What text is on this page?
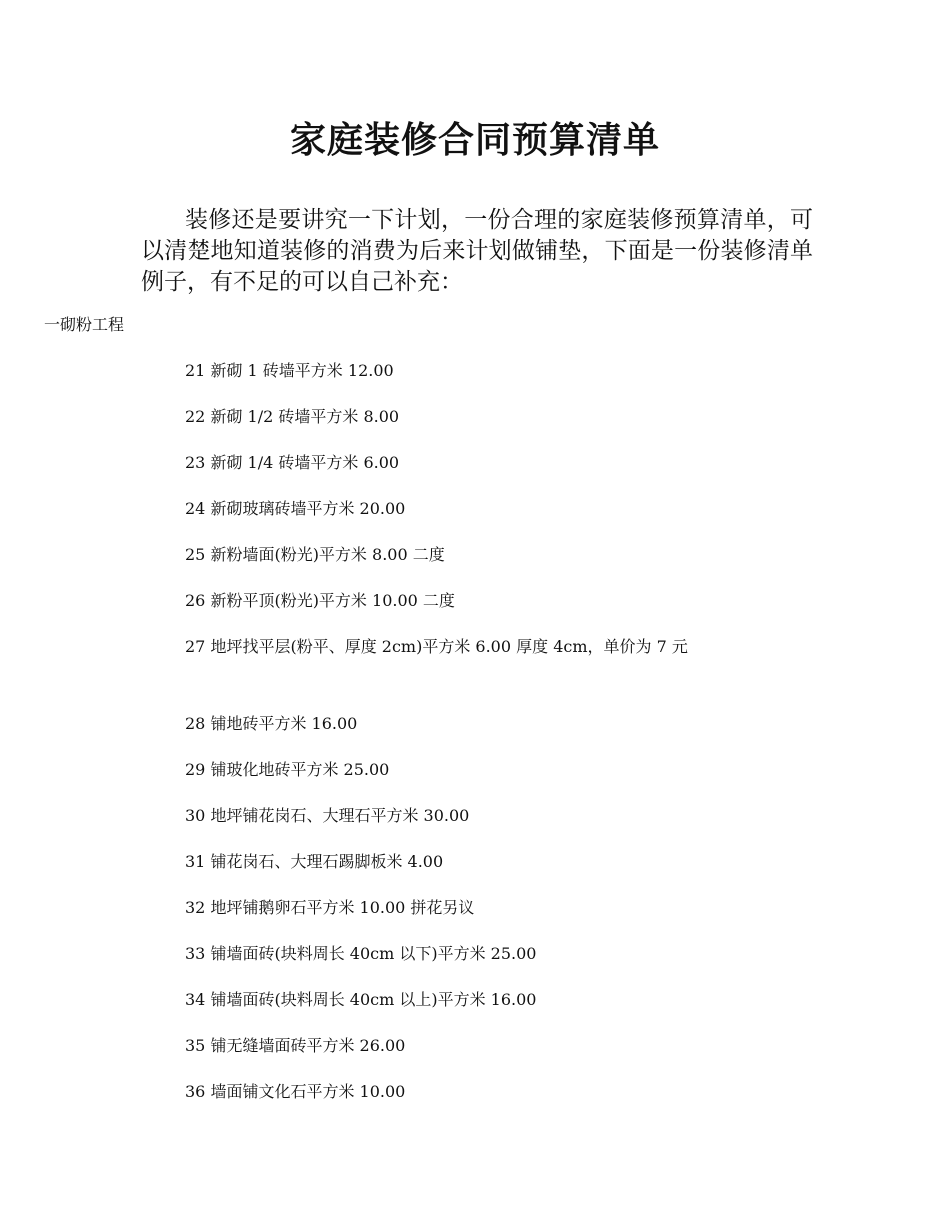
家庭装修合同预算清单

装修还是要讲究一下计划，一份合理的家庭装修预算清单，可以清楚地知道装修的消费为后来计划做铺垫，下面是一份装修清单例子，有不足的可以自己补充：

一砌粉工程

21 新砌 1 砖墙平方米 12.00

22 新砌 1/2 砖墙平方米 8.00

23 新砌 1/4 砖墙平方米 6.00

24 新砌玻璃砖墙平方米 20.00

25 新粉墙面(粉光)平方米 8.00 二度

26 新粉平顶(粉光)平方米 10.00 二度

27 地坪找平层(粉平、厚度 2cm)平方米 6.00 厚度 4cm，单价为 7 元

28 铺地砖平方米 16.00

29 铺玻化地砖平方米 25.00

30 地坪铺花岗石、大理石平方米 30.00

31 铺花岗石、大理石踢脚板米 4.00

32 地坪铺鹅卵石平方米 10.00 拼花另议

33 铺墙面砖(块料周长 40cm 以下)平方米 25.00

34 铺墙面砖(块料周长 40cm 以上)平方米 16.00

35 铺无缝墙面砖平方米 26.00

36 墙面铺文化石平方米 10.00
